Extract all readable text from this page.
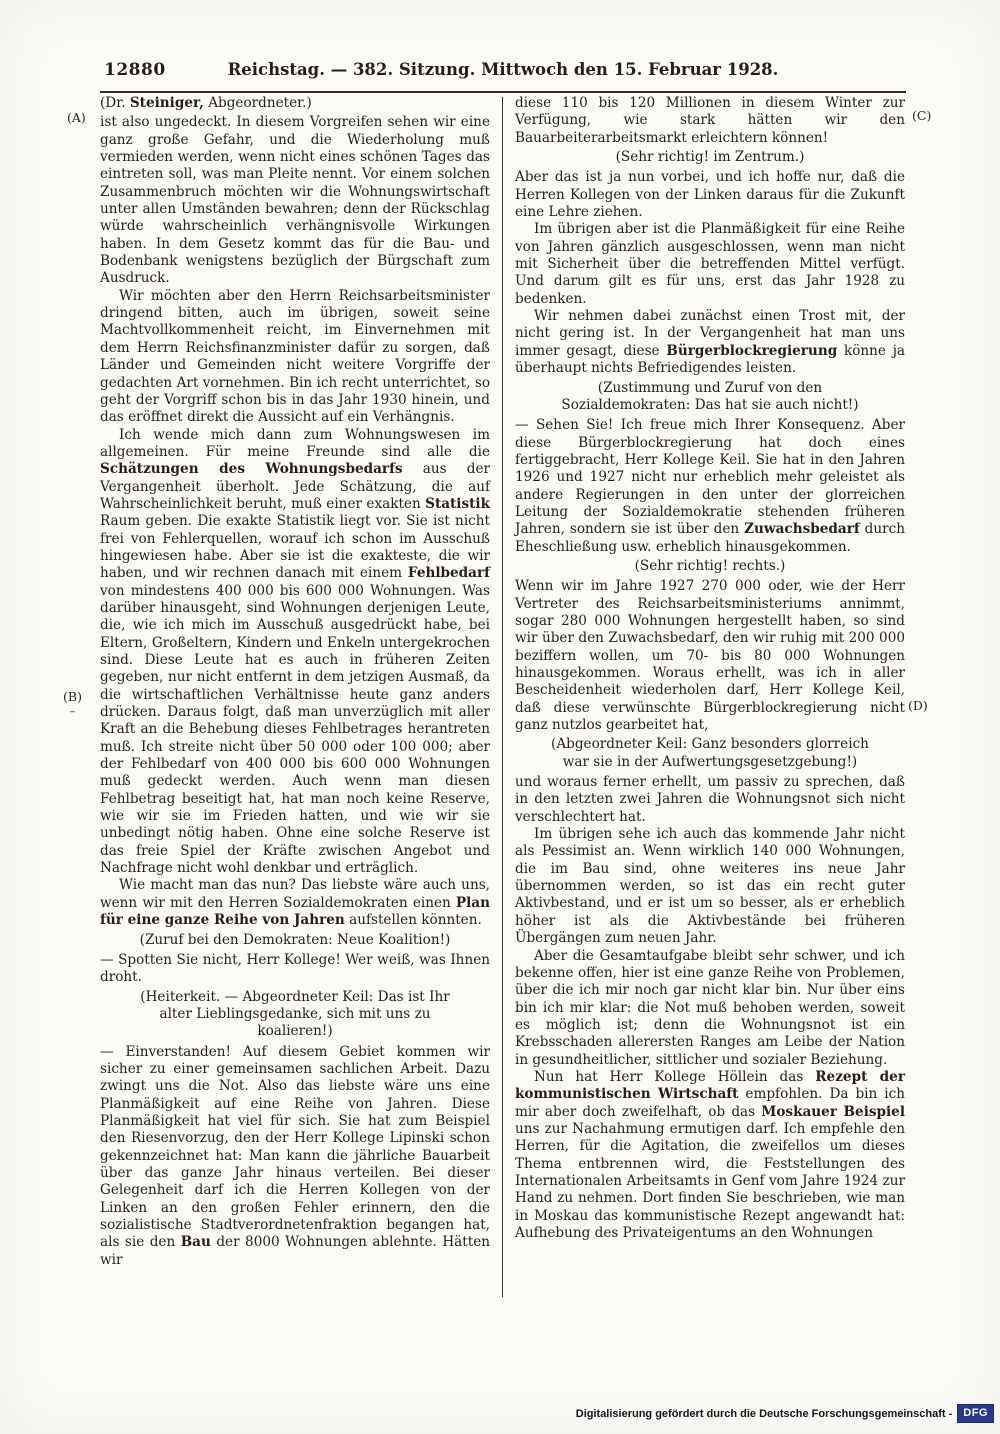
12880	Reichstag. — 382. Sitzung. Mittwoch den 15. Februar 1928.
(A)
(B)
–
(C)
(D)
(Dr. Steiniger, Abgeordneter.)
ist also ungedeckt. In diesem Vorgreifen sehen wir eine ganz große Gefahr, und die Wiederholung muß vermieden werden, wenn nicht eines schönen Tages das eintreten soll, was man Pleite nennt. Vor einem solchen Zusammenbruch möchten wir die Wohnungswirtschaft unter allen Umständen bewahren; denn der Rückschlag würde wahrscheinlich verhängnisvolle Wirkungen haben. In dem Gesetz kommt das für die Bau- und Bodenbank wenigstens bezüglich der Bürgschaft zum Ausdruck.
Wir möchten aber den Herrn Reichsarbeitsminister dringend bitten, auch im übrigen, soweit seine Machtvollkommenheit reicht, im Einvernehmen mit dem Herrn Reichsfinanzminister dafür zu sorgen, daß Länder und Gemeinden nicht weitere Vorgriffe der gedachten Art vornehmen. Bin ich recht unterrichtet, so geht der Vorgriff schon bis in das Jahr 1930 hinein, und das eröffnet direkt die Aussicht auf ein Verhängnis.
Ich wende mich dann zum Wohnungswesen im allgemeinen. Für meine Freunde sind alle die Schätzungen des Wohnungsbedarfs aus der Vergangenheit überholt. Jede Schätzung, die auf Wahrscheinlichkeit beruht, muß einer exakten Statistik Raum geben. Die exakte Statistik liegt vor. Sie ist nicht frei von Fehlerquellen, worauf ich schon im Ausschuß hingewiesen habe. Aber sie ist die exakteste, die wir haben, und wir rechnen danach mit einem Fehlbedarf von mindestens 400 000 bis 600 000 Wohnungen. Was darüber hinausgeht, sind Wohnungen derjenigen Leute, die, wie ich mich im Ausschuß ausgedrückt habe, bei Eltern, Großeltern, Kindern und Enkeln untergekrochen sind. Diese Leute hat es auch in früheren Zeiten gegeben, nur nicht entfernt in dem jetzigen Ausmaß, da die wirtschaftlichen Verhältnisse heute ganz anders drücken. Daraus folgt, daß man unverzüglich mit aller Kraft an die Behebung dieses Fehlbetrages herantreten muß. Ich streite nicht über 50 000 oder 100 000; aber der Fehlbedarf von 400 000 bis 600 000 Wohnungen muß gedeckt werden. Auch wenn man diesen Fehlbetrag beseitigt hat, hat man noch keine Reserve, wie wir sie im Frieden hatten, und wie wir sie unbedingt nötig haben. Ohne eine solche Reserve ist das freie Spiel der Kräfte zwischen Angebot und Nachfrage nicht wohl denkbar und erträglich.
Wie macht man das nun? Das liebste wäre auch uns, wenn wir mit den Herren Sozialdemokraten einen Plan für eine ganze Reihe von Jahren aufstellen könnten.
(Zuruf bei den Demokraten: Neue Koalition!)
— Spotten Sie nicht, Herr Kollege! Wer weiß, was Ihnen droht.
(Heiterkeit. — Abgeordneter Keil: Das ist Ihr alter Lieblingsgedanke, sich mit uns zu koalieren!)
— Einverstanden! Auf diesem Gebiet kommen wir sicher zu einer gemeinsamen sachlichen Arbeit. Dazu zwingt uns die Not. Also das liebste wäre uns eine Planmäßigkeit auf eine Reihe von Jahren. Diese Planmäßigkeit hat viel für sich. Sie hat zum Beispiel den Riesenvorzug, den der Herr Kollege Lipinski schon gekennzeichnet hat: Man kann die jährliche Bauarbeit über das ganze Jahr hinaus verteilen. Bei dieser Gelegenheit darf ich die Herren Kollegen von der Linken an den großen Fehler erinnern, den die sozialistische Stadtverordnetenfraktion begangen hat, als sie den Bau der 8000 Wohnungen ablehnte. Hätten wir
diese 110 bis 120 Millionen in diesem Winter zur Verfügung, wie stark hätten wir den Bauarbeiterarbeitsmarkt erleichtern können!
(Sehr richtig! im Zentrum.)
Aber das ist ja nun vorbei, und ich hoffe nur, daß die Herren Kollegen von der Linken daraus für die Zukunft eine Lehre ziehen.
Im übrigen aber ist die Planmäßigkeit für eine Reihe von Jahren gänzlich ausgeschlossen, wenn man nicht mit Sicherheit über die betreffenden Mittel verfügt. Und darum gilt es für uns, erst das Jahr 1928 zu bedenken.
Wir nehmen dabei zunächst einen Trost mit, der nicht gering ist. In der Vergangenheit hat man uns immer gesagt, diese Bürgerblockregierung könne ja überhaupt nichts Befriedigendes leisten.
(Zustimmung und Zuruf von den Sozialdemokraten: Das hat sie auch nicht!)
— Sehen Sie! Ich freue mich Ihrer Konsequenz. Aber diese Bürgerblockregierung hat doch eines fertiggebracht, Herr Kollege Keil. Sie hat in den Jahren 1926 und 1927 nicht nur erheblich mehr geleistet als andere Regierungen in den unter der glorreichen Leitung der Sozialdemokratie stehenden früheren Jahren, sondern sie ist über den Zuwachsbedarf durch Eheschließung usw. erheblich hinausgekommen.
(Sehr richtig! rechts.)
Wenn wir im Jahre 1927 270 000 oder, wie der Herr Vertreter des Reichsarbeitsministeriums annimmt, sogar 280 000 Wohnungen hergestellt haben, so sind wir über den Zuwachsbedarf, den wir ruhig mit 200 000 beziffern wollen, um 70- bis 80 000 Wohnungen hinausgekommen. Woraus erhellt, was ich in aller Bescheidenheit wiederholen darf, Herr Kollege Keil, daß diese verwünschte Bürgerblockregierung nicht ganz nutzlos gearbeitet hat,
(Abgeordneter Keil: Ganz besonders glorreich war sie in der Aufwertungsgesetzgebung!)
und woraus ferner erhellt, um passiv zu sprechen, daß in den letzten zwei Jahren die Wohnungsnot sich nicht verschlechtert hat.
Im übrigen sehe ich auch das kommende Jahr nicht als Pessimist an. Wenn wirklich 140 000 Wohnungen, die im Bau sind, ohne weiteres ins neue Jahr übernommen werden, so ist das ein recht guter Aktivbestand, und er ist um so besser, als er erheblich höher ist als die Aktivbestände bei früheren Übergängen zum neuen Jahr.
Aber die Gesamtaufgabe bleibt sehr schwer, und ich bekenne offen, hier ist eine ganze Reihe von Problemen, über die ich mir noch gar nicht klar bin. Nur über eins bin ich mir klar: die Not muß behoben werden, soweit es möglich ist; denn die Wohnungsnot ist ein Krebsschaden allerersten Ranges am Leibe der Nation in gesundheitlicher, sittlicher und sozialer Beziehung.
Nun hat Herr Kollege Höllein das Rezept der kommunistischen Wirtschaft empfohlen. Da bin ich mir aber doch zweifelhaft, ob das Moskauer Beispiel uns zur Nachahmung ermutigen darf. Ich empfehle den Herren, für die Agitation, die zweifellos um dieses Thema entbrennen wird, die Feststellungen des Internationalen Arbeitsamts in Genf vom Jahre 1924 zur Hand zu nehmen. Dort finden Sie beschrieben, wie man in Moskau das kommunistische Rezept angewandt hat: Aufhebung des Privateigentums an den Wohnungen
Digitalisierung gefördert durch die Deutsche Forschungsgemeinschaft -	DFG
